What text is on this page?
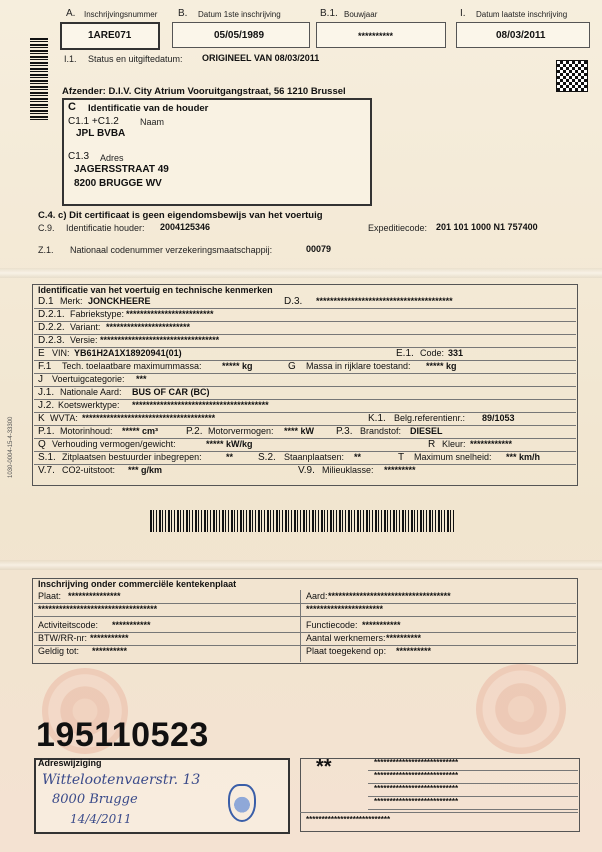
1030-0004-15-4-33300
A. Inschrijvingsnummer
1ARE071
B. Datum 1ste inschrijving
05/05/1989
B.1. Bouwjaar
**********
I. Datum laatste inschrijving
08/03/2011
I.1. Status en uitgiftedatum: ORIGINEEL VAN 08/03/2011
Afzender: D.I.V. City Atrium Vooruitgangstraat, 56 1210 Brussel
C Identificatie van de houder
C1.1 +C1.2 Naam
JPL BVBA
C1.3 Adres
JAGERSSTRAAT 49
8200 BRUGGE WV
C.4. c) Dit certificaat is geen eigendomsbewijs van het voertuig
C.9. Identificatie houder: 2004125346	Expeditiecode: 201 101 1000 N1 757400
Z.1. Nationaal codenummer verzekeringsmaatschappij:	00079
Identificatie van het voertuig en technische kenmerken
D.1 Merk: JONCKHEERE	D.3. ***************************************
D.2.1. Fabriekstype: *************************
D.2.2. Variant: ************************
D.2.3. Versie: **********************************
E VIN: YB61H2A1X18920941(01)	E.1. Code: 331
F.1 Tech. toelaatbare maximummassa: ***** kg	G Massa in rijklare toestand: ***** kg
J Voertuigcategorie: ***
J.1. Nationale Aard: BUS OF CAR (BC)
J.2. Koetswerktype: ***************************************
K WVTA: **************************************	K.1. Belg.referentienr.: 89/1053
P.1. Motorinhoud: ***** cm³	P.2. Motorvermogen: **** kW P.3. Brandstof: DIESEL
Q Verhouding vermogen/gewicht:	***** kW/kg	R Kleur: ************
S.1. Zitplaatsen bestuurder inbegrepen:	** S.2. Staanplaatsen: **	T Maximum snelheid: *** km/h
V.7. CO2-uitstoot: *** g/km	V.9. Milieuklasse: *********
Inschrijving onder commerciële kentekenplaat
Plaat: ***************	Aard: ***********************************
**********************************	**********************
Activiteitscode: ***********	Functiecode: ***********
BTW/RR-nr: ***********	Aantal werknemers: **********
Geldig tot: **********	Plaat toegekend op: **********
195110523
Adreswijziging
Wittelootenvaerstr. 13
8000 Brugge
14/4/2011
**	***************************
***************************
***************************
***************************
***************************
